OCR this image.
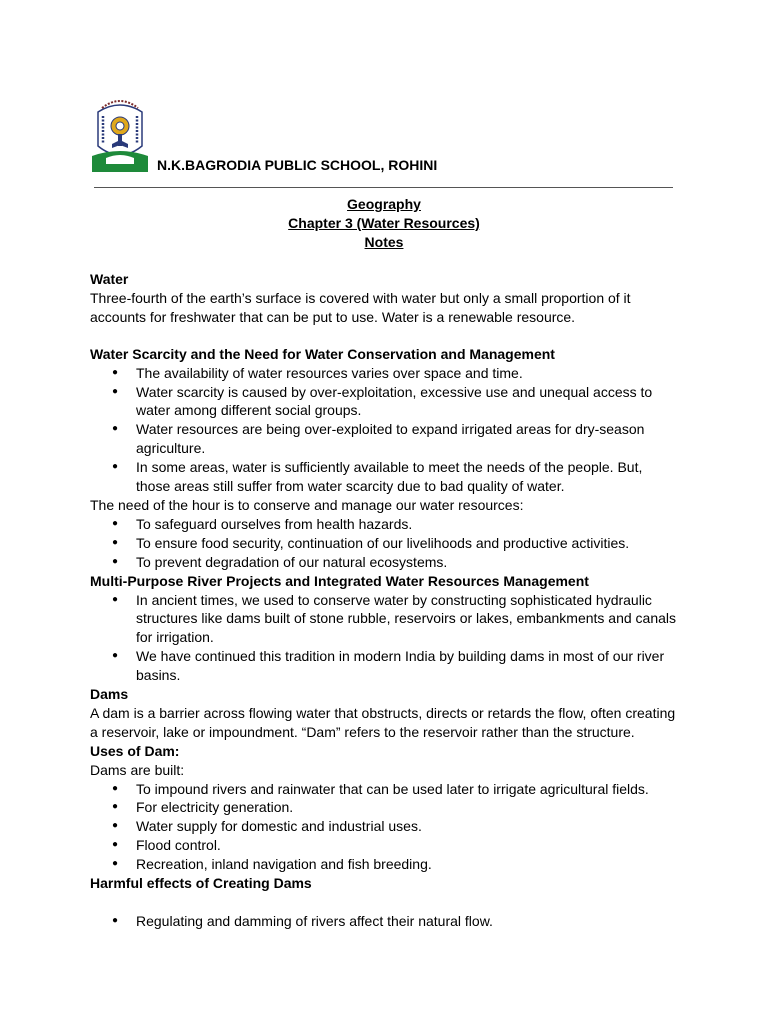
N.K.BAGRODIA PUBLIC SCHOOL, ROHINI
Geography
Chapter 3 (Water Resources)
Notes

Water

Three-fourth of the earth’s surface is covered with water but only a small proportion of it accounts for freshwater that can be put to use. Water is a renewable resource.

Water Scarcity and the Need for Water Conservation and Management

● The availability of water resources varies over space and time.
● Water scarcity is caused by over-exploitation, excessive use and unequal access to water among different social groups.
● Water resources are being over-exploited to expand irrigated areas for dry-season agriculture.
● In some areas, water is sufficiently available to meet the needs of the people. But, those areas still suffer from water scarcity due to bad quality of water.

The need of the hour is to conserve and manage our water resources:

● To safeguard ourselves from health hazards.
● To ensure food security, continuation of our livelihoods and productive activities.
● To prevent degradation of our natural ecosystems.

Multi-Purpose River Projects and Integrated Water Resources Management

● In ancient times, we used to conserve water by constructing sophisticated hydraulic structures like dams built of stone rubble, reservoirs or lakes, embankments and canals for irrigation.
● We have continued this tradition in modern India by building dams in most of our river basins.

Dams

A dam is a barrier across flowing water that obstructs, directs or retards the flow, often creating a reservoir, lake or impoundment. “Dam” refers to the reservoir rather than the structure.

Uses of Dam:

Dams are built:

● To impound rivers and rainwater that can be used later to irrigate agricultural fields.
● For electricity generation.
● Water supply for domestic and industrial uses.
● Flood control.
● Recreation, inland navigation and fish breeding.

Harmful effects of Creating Dams

● Regulating and damming of rivers affect their natural flow.
